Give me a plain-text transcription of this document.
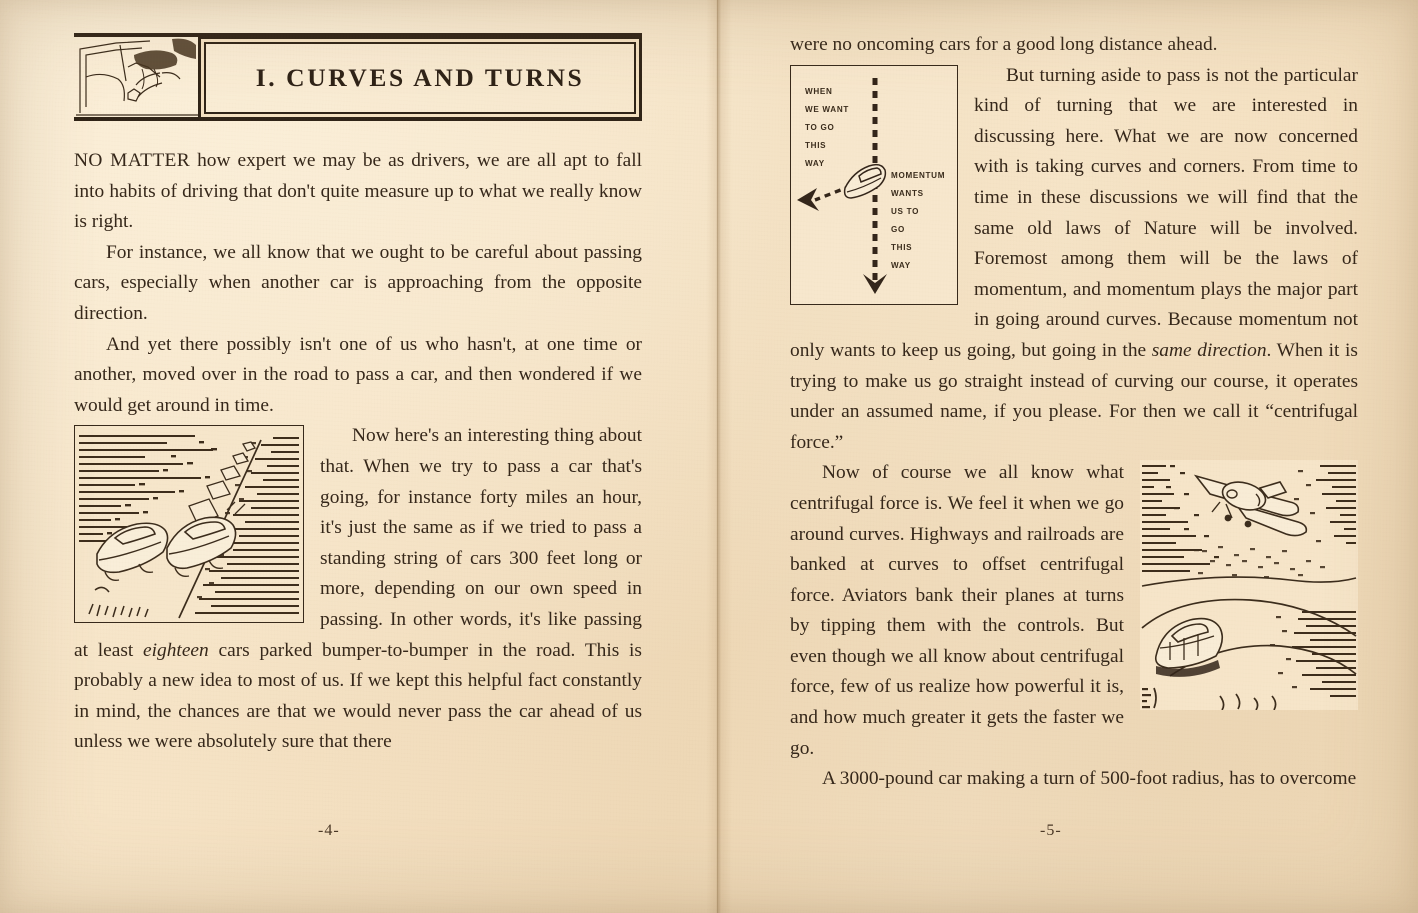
I. CURVES AND TURNS

NO MATTER how expert we may be as drivers, we are all apt to fall into habits of driving that don't quite measure up to what we really know is right.

For instance, we all know that we ought to be careful about passing cars, especially when another car is approaching from the opposite direction.

And yet there possibly isn't one of us who hasn't, at one time or another, moved over in the road to pass a car, and then wondered if we would get around in time.

Now here's an interesting thing about that. When we try to pass a car that's going, for instance forty miles an hour, it's just the same as if we tried to pass a standing string of cars 300 feet long or more, depending on our own speed in passing. In other words, it's like passing at least eighteen cars parked bumper-to-bumper in the road. This is probably a new idea to most of us. If we kept this helpful fact constantly in mind, the chances are that we would never pass the car ahead of us unless we were absolutely sure that there

-4-

were no oncoming cars for a good long distance ahead.

WHEN
WE WANT
TO GO
THIS
WAY
MOMENTUM
WANTS
US TO
GO
THIS
WAY
But turning aside to pass is not the particular kind of turning that we are interested in discussing here. What we are now concerned with is taking curves and corners. From time to time in these discussions we will find that the same old laws of Nature will be involved. Foremost among them will be the laws of momentum, and momentum plays the major part in going around curves. Because momentum not only wants to keep us going, but going in the same direction. When it is trying to make us go straight instead of curving our course, it operates under an assumed name, if you please. For then we call it “centrifugal force.”

Now of course we all know what centrifugal force is. We feel it when we go around curves. Highways and railroads are banked at curves to offset centrifugal force. Aviators bank their planes at turns by tipping them with the controls. But even though we all know about centrifugal force, few of us realize how powerful it is, and how much greater it gets the faster we go.

A 3000-pound car making a turn of 500-foot radius, has to overcome

-5-
